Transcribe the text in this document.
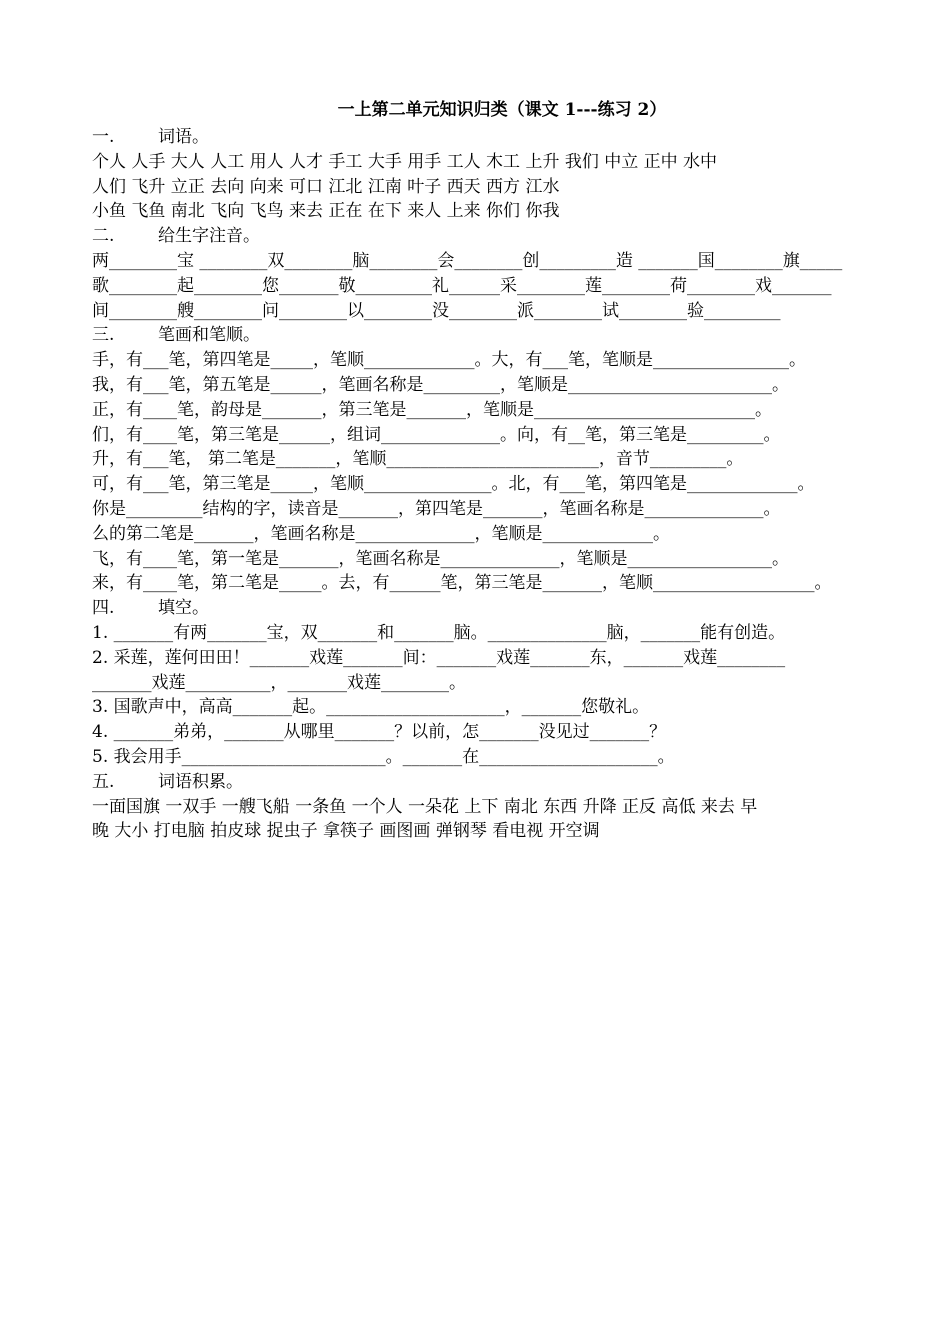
一上第二单元知识归类（课文 1---练习 2）
一.	词语。
个人 人手 大人 人工 用人 人才 手工 大手 用手 工人 木工 上升 我们 中立 正中 水中
人们 飞升 立正 去向 向来 可口 江北 江南 叶子 西天 西方 江水
小鱼 飞鱼 南北 飞向 飞鸟 来去 正在 在下 来人 上来 你们 你我
二.	给生字注音。
两________宝 ________双________脑________会________创_________造 _______国________旗_____
歌________起________您_______敬_________礼______采________莲________荷________戏_______
间________艘________问________以________没________派________试________验_________
三.	笔画和笔顺。
手，有___笔，第四笔是_____，笔顺_____________。大，有___笔，笔顺是________________。
我，有___笔，第五笔是______，笔画名称是_________，笔顺是________________________。
正，有____笔，韵母是_______，第三笔是_______，笔顺是__________________________。
们，有____笔，第三笔是______，组词______________。向，有__笔，第三笔是_________。
升，有___笔， 第二笔是_______，笔顺_________________________，音节_________。
可，有___笔，第三笔是_____，笔顺_______________。北，有___笔，第四笔是_____________。
你是_________结构的字，读音是_______，第四笔是_______，笔画名称是______________。
么的第二笔是_______，笔画名称是______________，笔顺是_____________。
飞，有____笔，第一笔是_______，笔画名称是______________，笔顺是_________________。
来，有____笔，第二笔是_____。去，有______笔，第三笔是_______，笔顺___________________。
四.	填空。
1. _______有两_______宝，双_______和_______脑。______________脑，_______能有创造。
2. 采莲，莲何田田！_______戏莲_______间：_______戏莲_______东，_______戏莲________
_______戏莲__________，_______戏莲________。
3. 国歌声中，高高_______起。_____________________，_______您敬礼。
4. _______弟弟，_______从哪里_______？以前，怎_______没见过_______？
5. 我会用手________________________。_______在_____________________。
五.	词语积累。
一面国旗 一双手 一艘飞船 一条鱼 一个人 一朵花 上下 南北 东西 升降 正反 高低 来去 早
晚 大小 打电脑 拍皮球 捉虫子 拿筷子 画图画 弹钢琴 看电视 开空调
